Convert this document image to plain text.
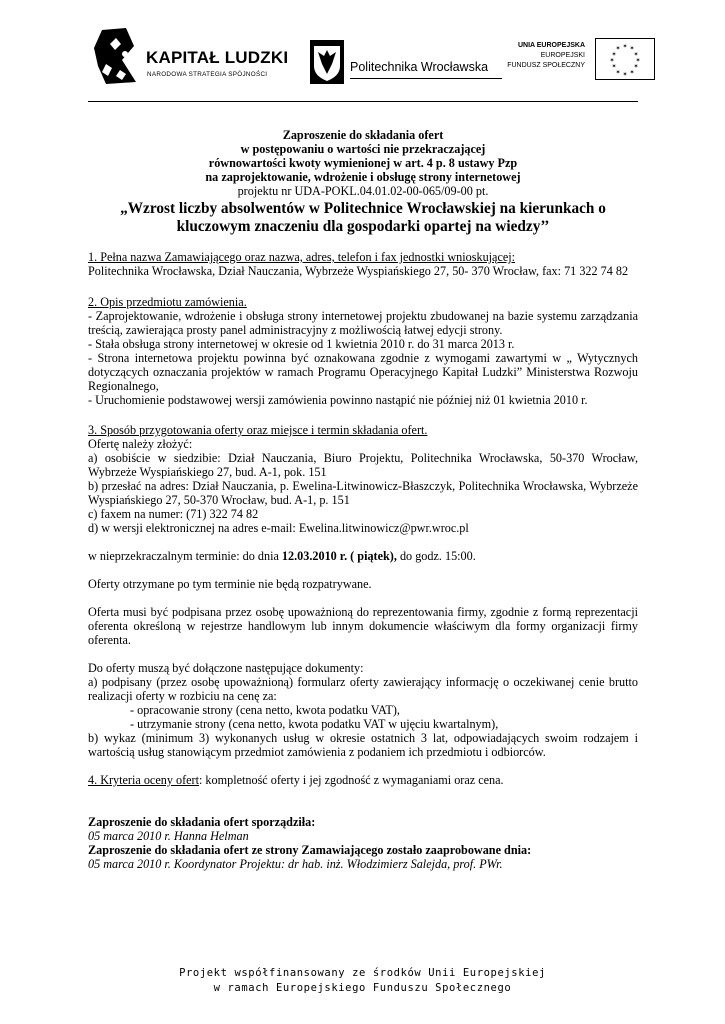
KAPITAŁ LUDZKI
NARODOWA STRATEGIA SPÓJNOŚCI
Politechnika Wrocławska
UNIA EUROPEJSKA
EUROPEJSKI
FUNDUSZ SPOŁECZNY
✶ ✶
✶
✶
✶
✶
✶
✶
✶
✶
✶
✶
Zaproszenie do składania ofert
w postępowaniu o wartości nie przekraczającej
równowartości kwoty wymienionej w art. 4 p. 8 ustawy Pzp
na zaprojektowanie, wdrożenie i obsługę strony internetowej
projektu nr UDA-POKL.04.01.02-00-065/09-00 pt.
„Wzrost liczby absolwentów w Politechnice Wrocławskiej na kierunkach o kluczowym znaczeniu dla gospodarki opartej na wiedzy’’

1. Pełna nazwa Zamawiającego oraz nazwa, adres, telefon i fax jednostki wnioskującej:

Politechnika Wrocławska, Dział Nauczania, Wybrzeże Wyspiańskiego 27, 50- 370 Wrocław, fax: 71 322 74 82

2. Opis przedmiotu zamówienia.

- Zaprojektowanie, wdrożenie i obsługa strony internetowej projektu zbudowanej na bazie systemu zarządzania treścią, zawierająca prosty panel administracyjny z możliwością łatwej edycji strony.

- Stała obsługa strony internetowej w okresie od 1 kwietnia 2010 r. do 31 marca 2013 r.

- Strona internetowa projektu powinna być oznakowana zgodnie z wymogami zawartymi w „ Wytycznych dotyczących oznaczania projektów w ramach Programu Operacyjnego Kapitał Ludzki” Ministerstwa Rozwoju Regionalnego,

- Uruchomienie podstawowej wersji zamówienia powinno nastąpić nie później niż 01 kwietnia 2010 r.

3. Sposób przygotowania oferty oraz miejsce i termin składania ofert.

Ofertę należy złożyć:

a) osobiście w siedzibie: Dział Nauczania, Biuro Projektu, Politechnika Wrocławska, 50-370 Wrocław, Wybrzeże Wyspiańskiego 27, bud. A-1, pok. 151

b) przesłać na adres: Dział Nauczania, p. Ewelina-Litwinowicz-Błaszczyk, Politechnika Wrocławska, Wybrzeże Wyspiańskiego 27, 50-370 Wrocław, bud. A-1, p. 151

c) faxem na numer: (71) 322 74 82

d) w wersji elektronicznej na adres e-mail: Ewelina.litwinowicz@pwr.wroc.pl

w nieprzekraczalnym terminie: do dnia 12.03.2010 r. ( piątek), do godz. 15:00.

Oferty otrzymane po tym terminie nie będą rozpatrywane.

Oferta musi być podpisana przez osobę upoważnioną do reprezentowania firmy, zgodnie z formą reprezentacji oferenta określoną w rejestrze handlowym lub innym dokumencie właściwym dla formy organizacji firmy oferenta.

Do oferty muszą być dołączone następujące dokumenty:

a) podpisany (przez osobę upoważnioną) formularz oferty zawierający informację o oczekiwanej cenie brutto realizacji oferty w rozbiciu na cenę za:

- opracowanie strony (cena netto, kwota podatku VAT),

- utrzymanie strony (cena netto, kwota podatku VAT w ujęciu kwartalnym),

b) wykaz (minimum 3) wykonanych usług w okresie ostatnich 3 lat, odpowiadających swoim rodzajem i wartością usług stanowiącym przedmiot zamówienia z podaniem ich przedmiotu i odbiorców.

4. Kryteria oceny ofert: kompletność oferty i jej zgodność z wymaganiami oraz cena.

Zaproszenie do składania ofert sporządziła:

05 marca 2010 r. Hanna Helman

Zaproszenie do składania ofert ze strony Zamawiającego zostało zaaprobowane dnia:

05 marca 2010 r. Koordynator Projektu: dr hab. inż. Włodzimierz Salejda, prof. PWr.

Projekt współfinansowany ze środków Unii Europejskiej
w ramach Europejskiego Funduszu Społecznego
